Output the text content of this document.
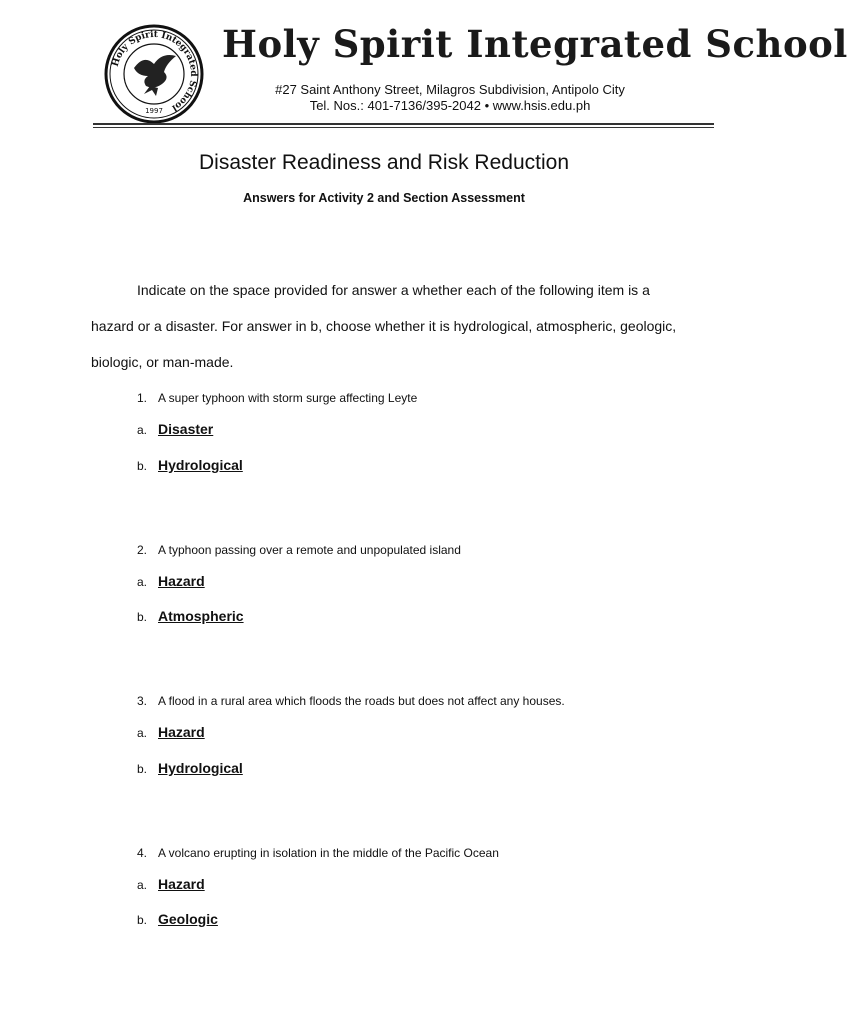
Holy Spirit Integrated School
1997
Holy Spirit Integrated School
#27 Saint Anthony Street, Milagros Subdivision, Antipolo City
Tel. Nos.: 401-7136/395-2042 • www.hsis.edu.ph
Disaster Readiness and Risk Reduction
Answers for Activity 2 and Section Assessment
Indicate on the space provided for answer a whether each of the following item is a hazard or a disaster. For answer in b, choose whether it is hydrological, atmospheric, geologic, biologic, or man-made.
1. A super typhoon with storm surge affecting Leyte
a. Disaster
b. Hydrological
2. A typhoon passing over a remote and unpopulated island
a. Hazard
b. Atmospheric
3. A flood in a rural area which floods the roads but does not affect any houses.
a. Hazard
b. Hydrological
4. A volcano erupting in isolation in the middle of the Pacific Ocean
a. Hazard
b. Geologic
